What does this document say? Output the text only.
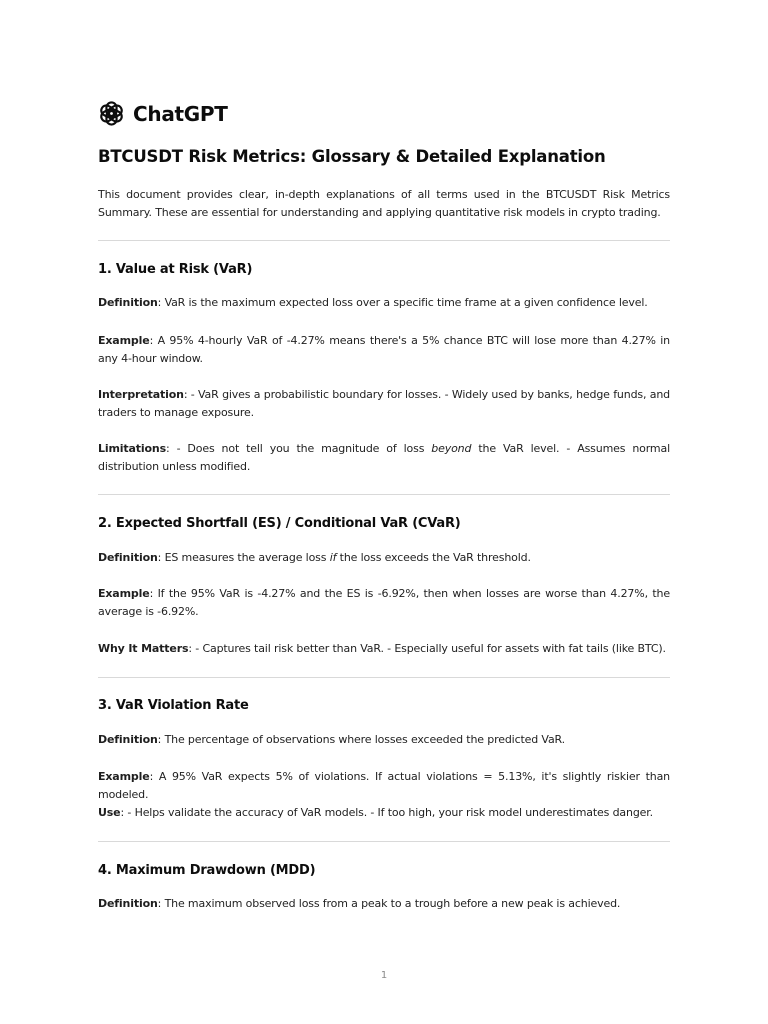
ChatGPT
BTCUSDT Risk Metrics: Glossary & Detailed Explanation

This document provides clear, in-depth explanations of all terms used in the BTCUSDT Risk Metrics Summary. These are essential for understanding and applying quantitative risk models in crypto trading.

1. Value at Risk (VaR)

Definition: VaR is the maximum expected loss over a specific time frame at a given confidence level.

Example: A 95% 4-hourly VaR of -4.27% means there's a 5% chance BTC will lose more than 4.27% in any 4-hour window.

Interpretation: - VaR gives a probabilistic boundary for losses. - Widely used by banks, hedge funds, and traders to manage exposure.

Limitations: - Does not tell you the magnitude of loss beyond the VaR level. - Assumes normal distribution unless modified.

2. Expected Shortfall (ES) / Conditional VaR (CVaR)

Definition: ES measures the average loss if the loss exceeds the VaR threshold.

Example: If the 95% VaR is -4.27% and the ES is -6.92%, then when losses are worse than 4.27%, the average is -6.92%.

Why It Matters: - Captures tail risk better than VaR. - Especially useful for assets with fat tails (like BTC).

3. VaR Violation Rate

Definition: The percentage of observations where losses exceeded the predicted VaR.

Example: A 95% VaR expects 5% of violations. If actual violations = 5.13%, it's slightly riskier than modeled.

Use: - Helps validate the accuracy of VaR models. - If too high, your risk model underestimates danger.

4. Maximum Drawdown (MDD)

Definition: The maximum observed loss from a peak to a trough before a new peak is achieved.

1
